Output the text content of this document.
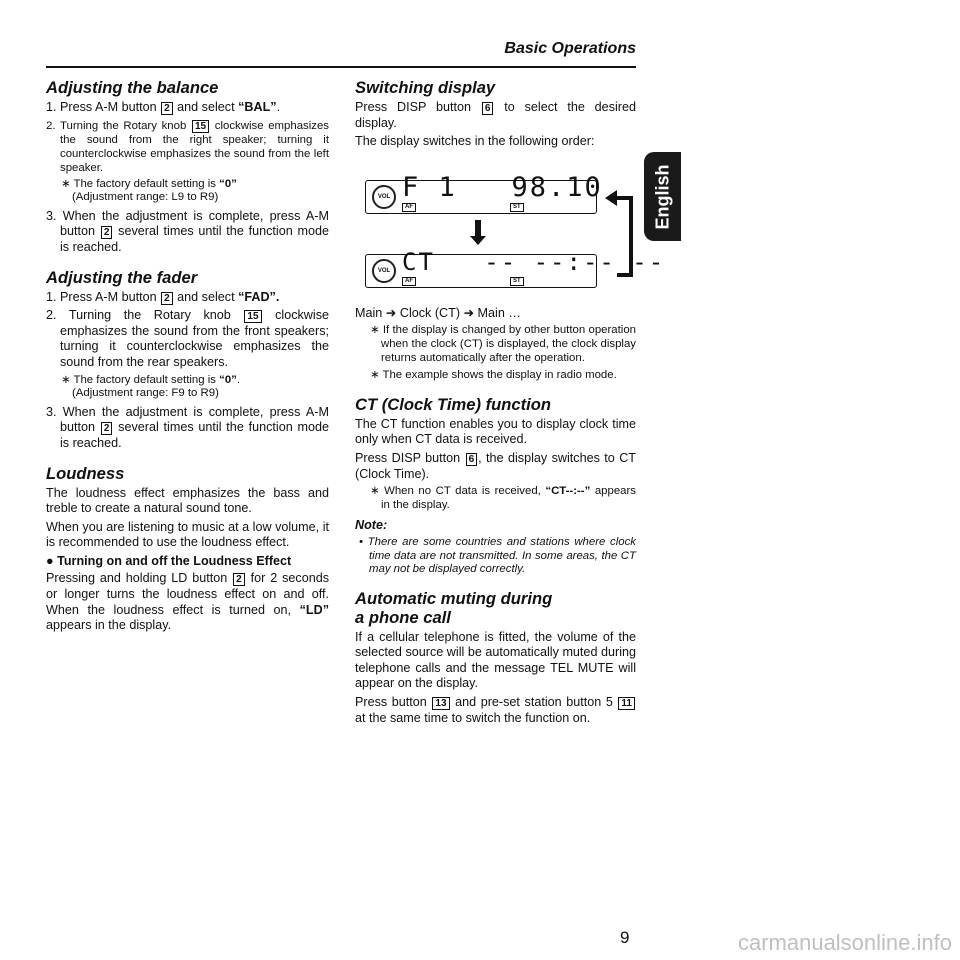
Basic Operations
English
Adjusting the balance
1. Press A-M button 2 and select “BAL”.
2. Turning the Rotary knob 15 clockwise emphasizes the sound from the right speaker; turning it counterclockwise emphasizes the sound from the left speaker.
∗ The factory default setting is “0”
(Adjustment range: L9 to R9)
3. When the adjustment is complete, press A-M button 2 several times until the function mode is reached.
Adjusting the fader
1. Press A-M button 2 and select “FAD”.
2. Turning the Rotary knob 15 clockwise emphasizes the sound from the front speakers; turning it counterclockwise emphasizes the sound from the rear speakers.
∗ The factory default setting is “0”.
(Adjustment range: F9 to R9)
3. When the adjustment is complete, press A-M button 2 several times until the function mode is reached.
Loudness

The loudness effect emphasizes the bass and treble to create a natural sound tone.

When you are listening to music at a low volume, it is recommended to use the loudness effect.

● Turning on and off the Loudness Effect

Pressing and holding LD button 2 for 2 seconds or longer turns the loudness effect on and off. When the loudness effect is turned on, “LD” appears in the display.

Switching display

Press DISP button 6 to select the desired display.

The display switches in the following order:

VOL F 1   98.10
AF	ST
VOL CT   -- --:-- --
AF	ST

Main ➜ Clock (CT) ➜ Main …

∗ If the display is changed by other button operation when the clock (CT) is displayed, the clock display returns automatically after the operation.
∗ The example shows the display in radio mode.
CT (Clock Time) function

The CT function enables you to display clock time only when CT data is received.

Press DISP button 6 , the display switches to CT (Clock Time).

∗ When no CT data is received, “CT--:--” appears in the display.
Note:
• There are some countries and stations where clock time data are not transmitted. In some areas, the CT may not be displayed correctly.
Automatic muting during
a phone call

If a cellular telephone is fitted, the volume of the selected source will be automatically muted during telephone calls and the message TEL MUTE will appear on the display.

Press button 13 and pre-set station button 5 11 at the same time to switch the function on.

9	carmanualsonline.info
